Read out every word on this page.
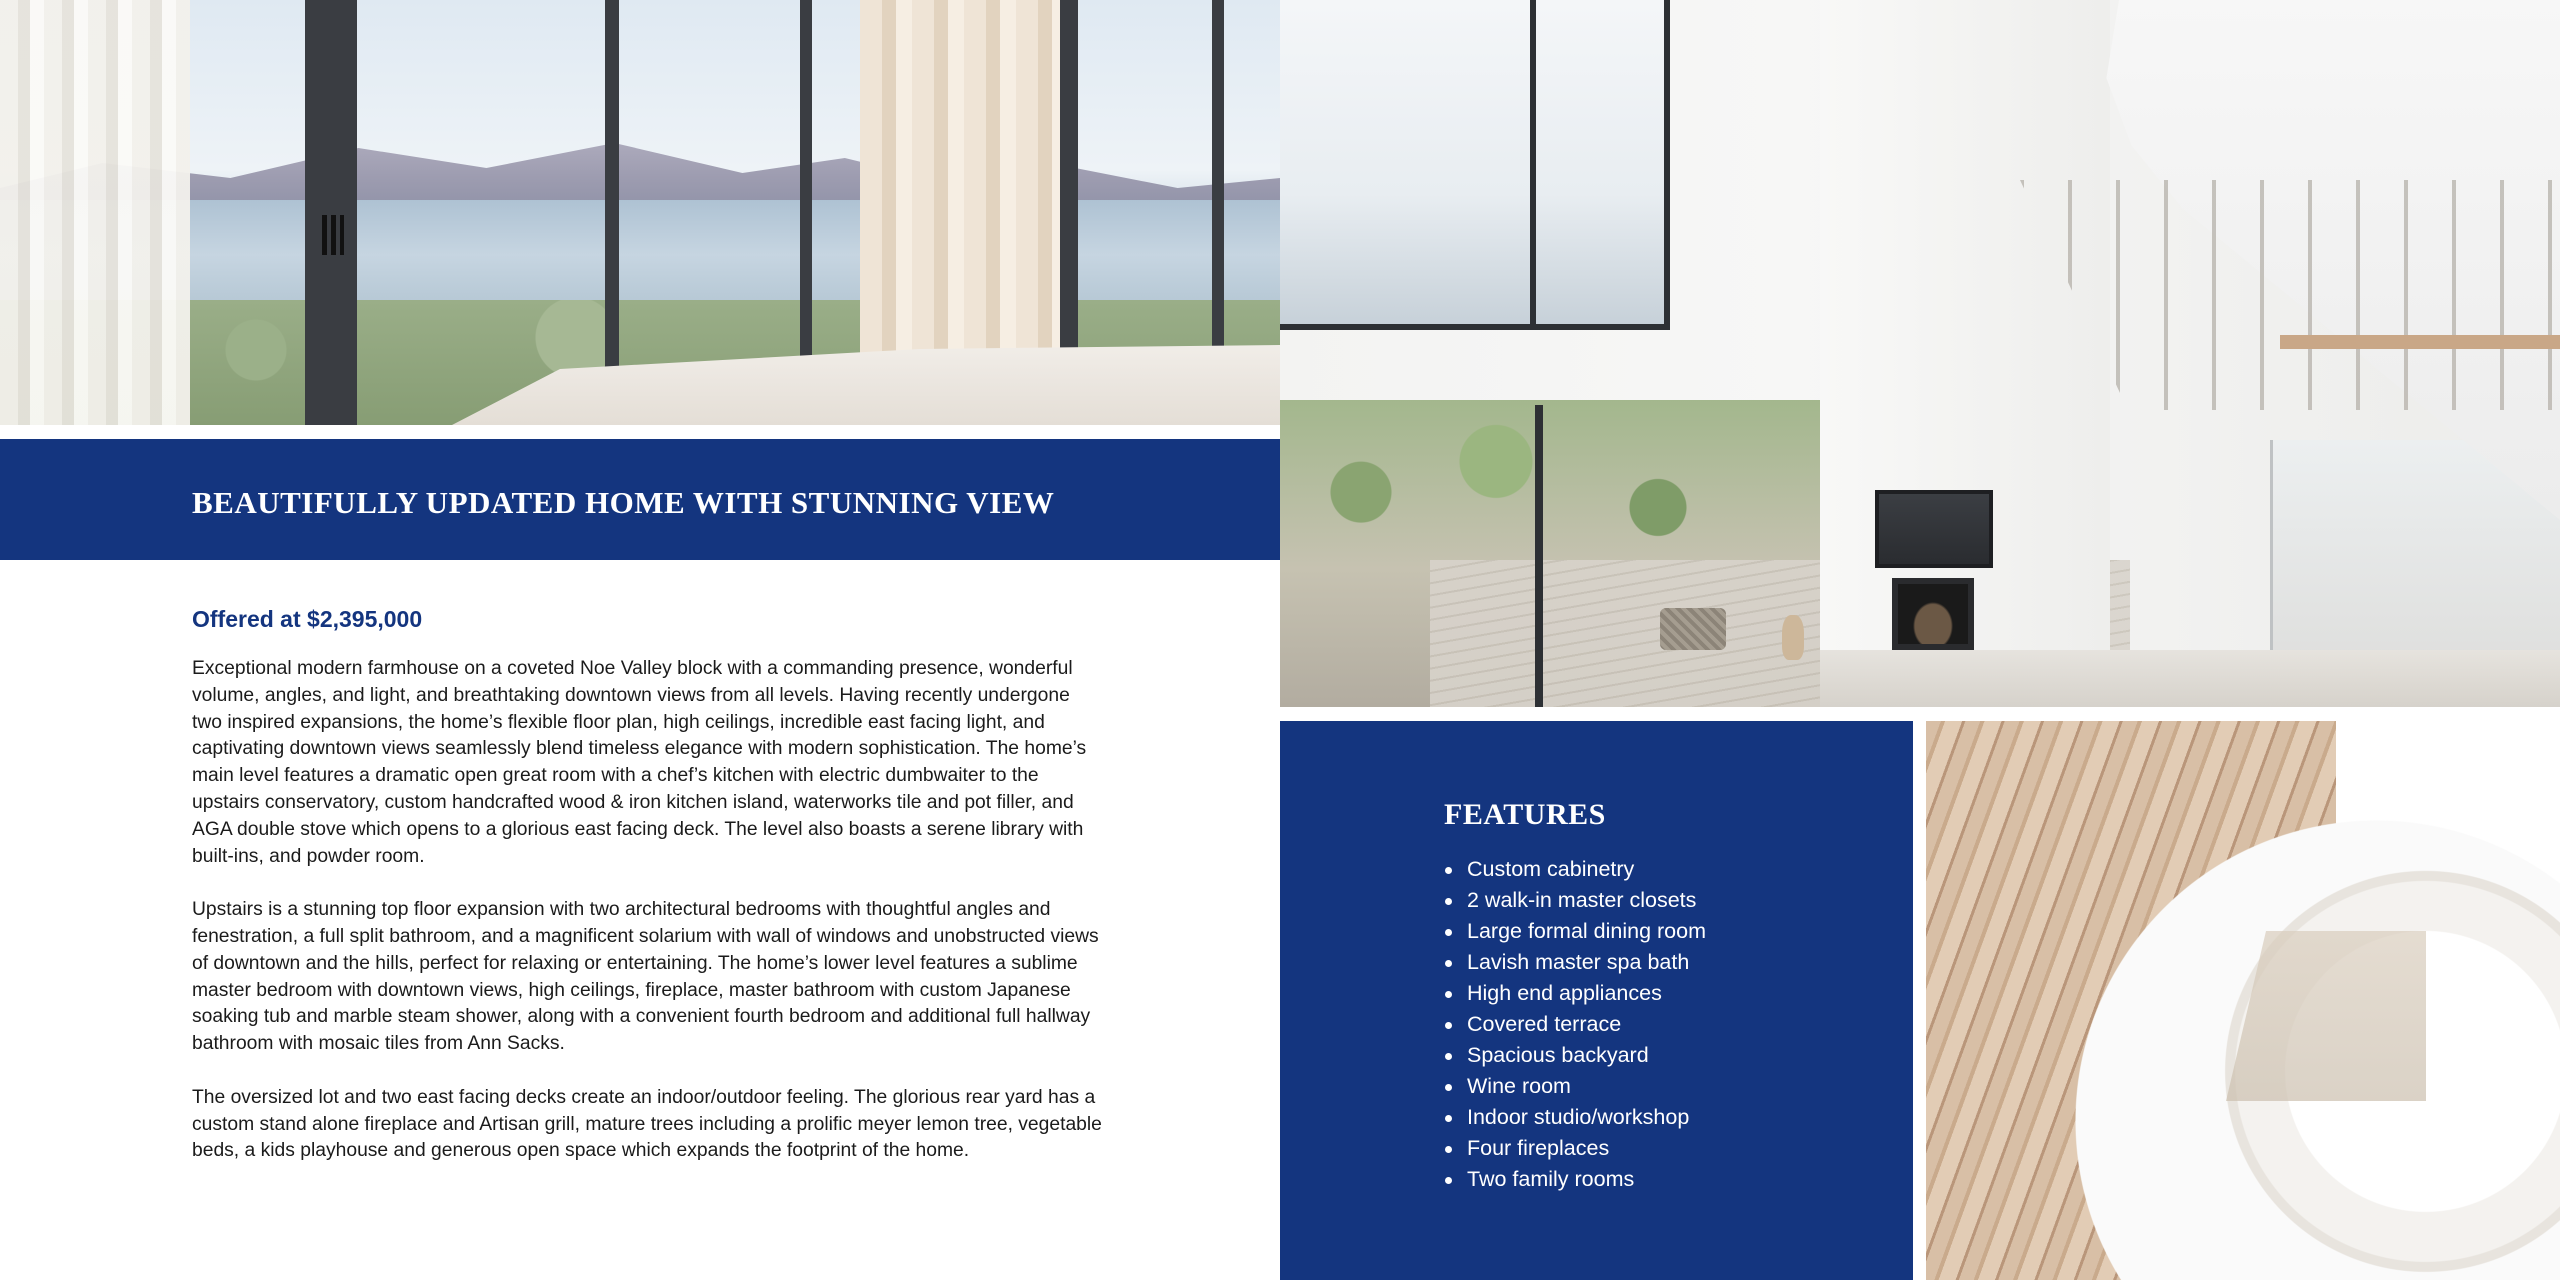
BEAUTIFULLY UPDATED HOME WITH STUNNING VIEW
Offered at $2,395,000

Exceptional modern farmhouse on a coveted Noe Valley block with a commanding presence, wonderful volume, angles, and light, and breathtaking downtown views from all levels. Having recently undergone two inspired expansions, the home’s flexible floor plan, high ceilings, incredible east facing light, and captivating downtown views seamlessly blend timeless elegance with modern sophistication. The home’s main level features a dramatic open great room with a chef’s kitchen with electric dumbwaiter to the upstairs conservatory, custom handcrafted wood & iron kitchen island, waterworks tile and pot filler, and AGA double stove which opens to a glorious east facing deck. The level also boasts a serene library with built-ins, and powder room.

Upstairs is a stunning top floor expansion with two architectural bedrooms with thoughtful angles and fenestration, a full split bathroom, and a magnificent solarium with wall of windows and unobstructed views of downtown and the hills, perfect for relaxing or entertaining. The home’s lower level features a sublime master bedroom with downtown views, high ceilings, fireplace, master bathroom with custom Japanese soaking tub and marble steam shower, along with a convenient fourth bedroom and additional full hallway bathroom with mosaic tiles from Ann Sacks.

The oversized lot and two east facing decks create an indoor/outdoor feeling. The glorious rear yard has a custom stand alone fireplace and Artisan grill, mature trees including a prolific meyer lemon tree, vegetable beds, a kids playhouse and generous open space which expands the footprint of the home.

FEATURES
Custom cabinetry
2 walk-in master closets
Large formal dining room
Lavish master spa bath
High end appliances
Covered terrace
Spacious backyard
Wine room
Indoor studio/workshop
Four fireplaces
Two family rooms
